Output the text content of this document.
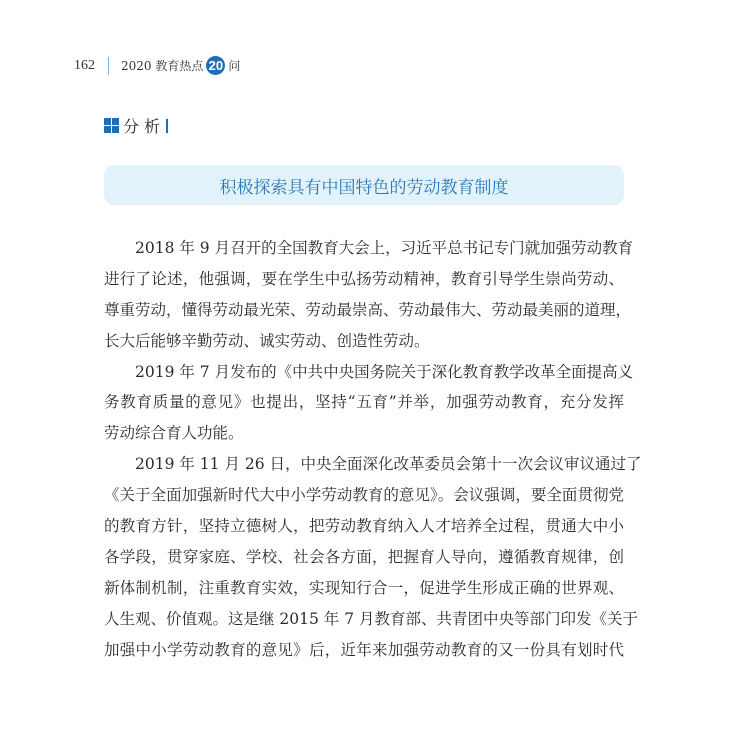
162 2020 教育热点 20 问
分 析
积极探索具有中国特色的劳动教育制度
2018 年 9 月召开的全国教育大会上，习近平总书记专门就加强劳动教育
进行了论述，他强调，要在学生中弘扬劳动精神，教育引导学生崇尚劳动、
尊重劳动，懂得劳动最光荣、劳动最崇高、劳动最伟大、劳动最美丽的道理，
长大后能够辛勤劳动、诚实劳动、创造性劳动。
2019 年 7 月发布的《中共中央国务院关于深化教育教学改革全面提高义
务教育质量的意见》也提出，坚持“五育”并举，加强劳动教育，充分发挥
劳动综合育人功能。
2019 年 11 月 26 日，中央全面深化改革委员会第十一次会议审议通过了
《关于全面加强新时代大中小学劳动教育的意见》。会议强调，要全面贯彻党
的教育方针，坚持立德树人，把劳动教育纳入人才培养全过程，贯通大中小
各学段，贯穿家庭、学校、社会各方面，把握育人导向，遵循教育规律，创
新体制机制，注重教育实效，实现知行合一，促进学生形成正确的世界观、
人生观、价值观。这是继 2015 年 7 月教育部、共青团中央等部门印发《关于
加强中小学劳动教育的意见》后，近年来加强劳动教育的又一份具有划时代
